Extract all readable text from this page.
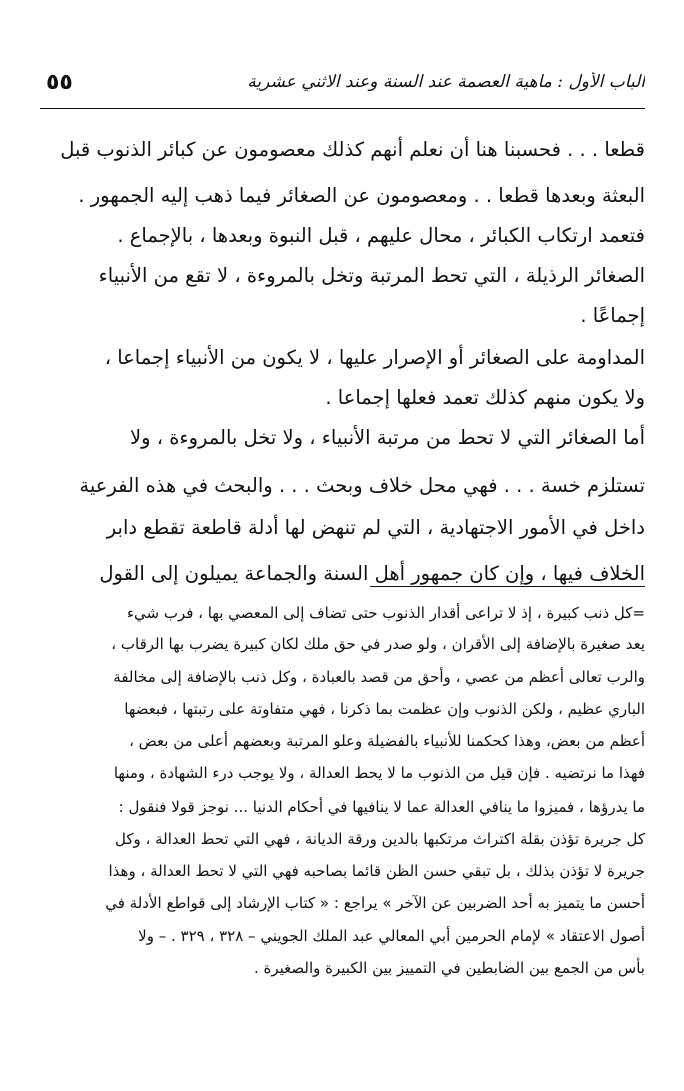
الباب الأول : ماهية العصمة عند السنة وعند الاثني عشرية
٥٥
قطعا . . . فحسبنا هنا أن نعلم أنهم كذلك معصومون عن كبائر الذنوب قبل
البعثة وبعدها قطعا . . ومعصومون عن الصغائر فيما ذهب إليه الجمهور .
فتعمد ارتكاب الكبائر ، محال عليهم ، قبل النبوة وبعدها ، بالإجماع .
الصغائر الرذيلة ، التي تحط المرتبة وتخل بالمروءة ، لا تقع من الأنبياء
إجماعًا .
المداومة على الصغائر أو الإصرار عليها ، لا يكون من الأنبياء إجماعا ،
ولا يكون منهم كذلك تعمد فعلها إجماعا .
أما الصغائر التي لا تحط من مرتبة الأنبياء ، ولا تخل بالمروءة ، ولا
تستلزم خسة . . . فهي محل خلاف وبحث . . . والبحث في هذه الفرعية
داخل في الأمور الاجتهادية ، التي لم تنهض لها أدلة قاطعة تقطع دابر
الخلاف فيها ، وإن كان جمهور أهل السنة والجماعة يميلون إلى القول
=كل ذنب كبيرة ، إذ لا تراعى أقدار الذنوب حتى تضاف إلى المعصي بها ، فرب شيء
يعد صغيرة بالإضافة إلى الأقران ، ولو صدر في حق ملك لكان كبيرة يضرب بها الرقاب ،
والرب تعالى أعظم من عصي ، وأحق من قصد بالعبادة ، وكل ذنب بالإضافة إلى مخالفة
الباري عظيم ، ولكن الذنوب وإن عظمت بما ذكرنا ، فهي متفاوتة على رتبتها ، فبعضها
أعظم من بعض، وهذا كحكمنا للأنبياء بالفضيلة وعلو المرتبة وبعضهم أعلى من بعض ،
فهذا ما نرتضيه . فإن قيل من الذنوب ما لا يحط العدالة ، ولا يوجب درء الشهادة ، ومنها
ما يدرؤها ، فميزوا ما ينافي العدالة عما لا ينافيها في أحكام الدنيا ... نوجز قولا فنقول :
كل جريرة تؤذن بقلة اكتراث مرتكبها بالدين ورقة الديانة ، فهي التي تحط العدالة ، وكل
جريرة لا تؤذن بذلك ، بل تبقي حسن الظن قائما بصاحبه فهي التي لا تحط العدالة ، وهذا
أحسن ما يتميز به أحد الضربين عن الآخر » يراجع : « كتاب الإرشاد إلى قواطع الأدلة في
أصول الاعتقاد » لإمام الحرمين أبي المعالي عبد الملك الجويني – ٣٢٨ ، ٣٢٩ . – ولا
بأس من الجمع بين الضابطين في التمييز بين الكبيرة والصغيرة .
